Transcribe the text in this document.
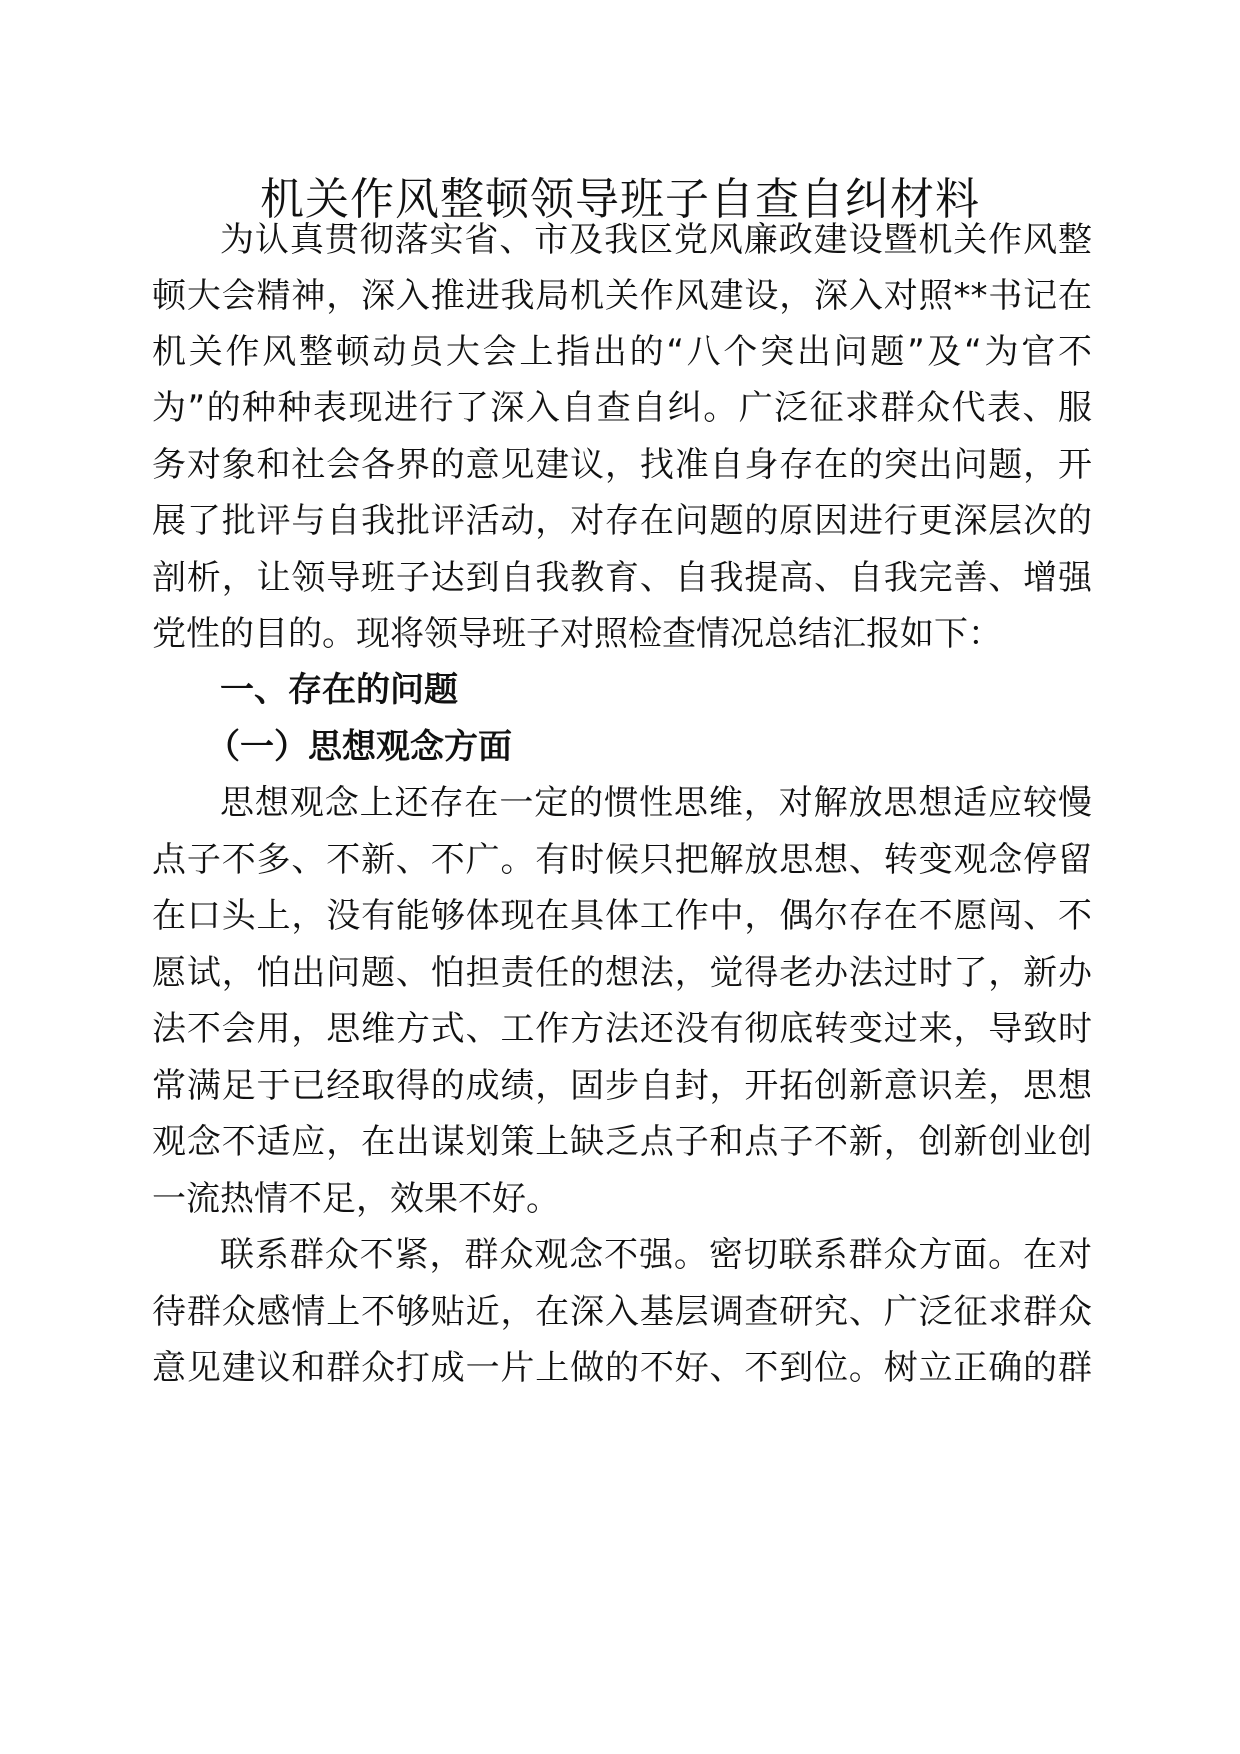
机关作风整顿领导班子自查自纠材料
为认真贯彻落实省、市及我区党风廉政建设暨机关作风整
顿大会精神，深入推进我局机关作风建设，深入对照**书记在
机关作风整顿动员大会上指出的“八个突出问题”及“为官不
为”的种种表现进行了深入自查自纠。广泛征求群众代表、服
务对象和社会各界的意见建议，找准自身存在的突出问题，开
展了批评与自我批评活动，对存在问题的原因进行更深层次的
剖析，让领导班子达到自我教育、自我提高、自我完善、增强
党性的目的。现将领导班子对照检查情况总结汇报如下：
一、存在的问题
（一）思想观念方面
思想观念上还存在一定的惯性思维，对解放思想适应较慢
点子不多、不新、不广。有时候只把解放思想、转变观念停留
在口头上，没有能够体现在具体工作中，偶尔存在不愿闯、不
愿试，怕出问题、怕担责任的想法，觉得老办法过时了，新办
法不会用，思维方式、工作方法还没有彻底转变过来，导致时
常满足于已经取得的成绩，固步自封，开拓创新意识差，思想
观念不适应，在出谋划策上缺乏点子和点子不新，创新创业创
一流热情不足，效果不好。
联系群众不紧，群众观念不强。密切联系群众方面。在对
待群众感情上不够贴近，在深入基层调查研究、广泛征求群众
意见建议和群众打成一片上做的不好、不到位。树立正确的群
